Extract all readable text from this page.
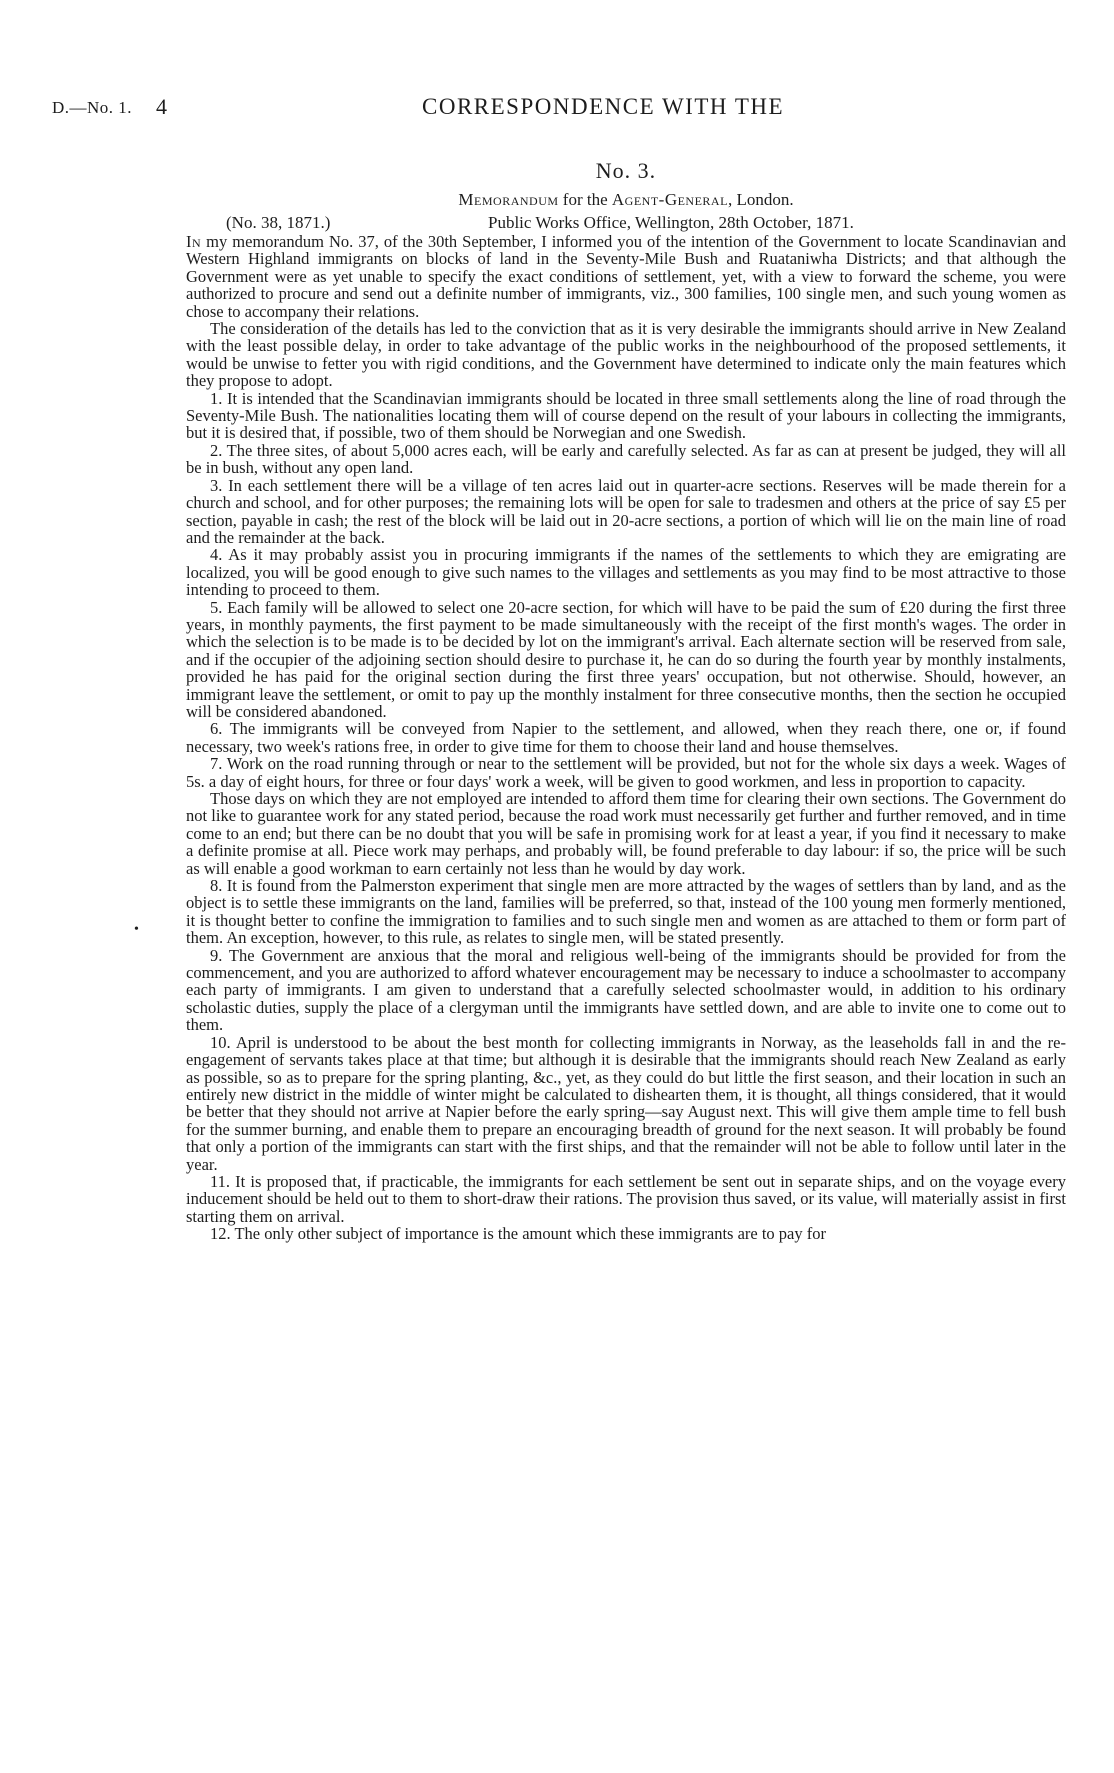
D.—No. 1. 4	CORRESPONDENCE WITH THE
•
No. 3.
Memorandum for the Agent-General, London.
(No. 38, 1871.)	Public Works Office, Wellington, 28th October, 1871.

In my memorandum No. 37, of the 30th September, I informed you of the intention of the Government to locate Scandinavian and Western Highland immigrants on blocks of land in the Seventy-Mile Bush and Ruataniwha Districts; and that although the Government were as yet unable to specify the exact conditions of settlement, yet, with a view to forward the scheme, you were authorized to procure and send out a definite number of immigrants, viz., 300 families, 100 single men, and such young women as chose to accompany their relations.

The consideration of the details has led to the conviction that as it is very desirable the immigrants should arrive in New Zealand with the least possible delay, in order to take advantage of the public works in the neighbourhood of the proposed settlements, it would be unwise to fetter you with rigid conditions, and the Government have determined to indicate only the main features which they propose to adopt.

1. It is intended that the Scandinavian immigrants should be located in three small settlements along the line of road through the Seventy-Mile Bush. The nationalities locating them will of course depend on the result of your labours in collecting the immigrants, but it is desired that, if possible, two of them should be Norwegian and one Swedish.

2. The three sites, of about 5,000 acres each, will be early and carefully selected. As far as can at present be judged, they will all be in bush, without any open land.

3. In each settlement there will be a village of ten acres laid out in quarter-acre sections. Reserves will be made therein for a church and school, and for other purposes; the remaining lots will be open for sale to tradesmen and others at the price of say £5 per section, payable in cash; the rest of the block will be laid out in 20-acre sections, a portion of which will lie on the main line of road and the remainder at the back.

4. As it may probably assist you in procuring immigrants if the names of the settlements to which they are emigrating are localized, you will be good enough to give such names to the villages and settlements as you may find to be most attractive to those intending to proceed to them.

5. Each family will be allowed to select one 20-acre section, for which will have to be paid the sum of £20 during the first three years, in monthly payments, the first payment to be made simultaneously with the receipt of the first month's wages. The order in which the selection is to be made is to be decided by lot on the immigrant's arrival. Each alternate section will be reserved from sale, and if the occupier of the adjoining section should desire to purchase it, he can do so during the fourth year by monthly instalments, provided he has paid for the original section during the first three years' occupation, but not otherwise. Should, however, an immigrant leave the settlement, or omit to pay up the monthly instalment for three consecutive months, then the section he occupied will be considered abandoned.

6. The immigrants will be conveyed from Napier to the settlement, and allowed, when they reach there, one or, if found necessary, two week's rations free, in order to give time for them to choose their land and house themselves.

7. Work on the road running through or near to the settlement will be provided, but not for the whole six days a week. Wages of 5s. a day of eight hours, for three or four days' work a week, will be given to good workmen, and less in proportion to capacity.

Those days on which they are not employed are intended to afford them time for clearing their own sections. The Government do not like to guarantee work for any stated period, because the road work must necessarily get further and further removed, and in time come to an end; but there can be no doubt that you will be safe in promising work for at least a year, if you find it necessary to make a definite promise at all. Piece work may perhaps, and probably will, be found preferable to day labour: if so, the price will be such as will enable a good workman to earn certainly not less than he would by day work.

8. It is found from the Palmerston experiment that single men are more attracted by the wages of settlers than by land, and as the object is to settle these immigrants on the land, families will be preferred, so that, instead of the 100 young men formerly mentioned, it is thought better to confine the immigration to families and to such single men and women as are attached to them or form part of them. An exception, however, to this rule, as relates to single men, will be stated presently.

9. The Government are anxious that the moral and religious well-being of the immigrants should be provided for from the commencement, and you are authorized to afford whatever encouragement may be necessary to induce a schoolmaster to accompany each party of immigrants. I am given to understand that a carefully selected schoolmaster would, in addition to his ordinary scholastic duties, supply the place of a clergyman until the immigrants have settled down, and are able to invite one to come out to them.

10. April is understood to be about the best month for collecting immigrants in Norway, as the leaseholds fall in and the re-engagement of servants takes place at that time; but although it is desirable that the immigrants should reach New Zealand as early as possible, so as to prepare for the spring planting, &c., yet, as they could do but little the first season, and their location in such an entirely new district in the middle of winter might be calculated to dishearten them, it is thought, all things considered, that it would be better that they should not arrive at Napier before the early spring—say August next. This will give them ample time to fell bush for the summer burning, and enable them to prepare an encouraging breadth of ground for the next season. It will probably be found that only a portion of the immigrants can start with the first ships, and that the remainder will not be able to follow until later in the year.

11. It is proposed that, if practicable, the immigrants for each settlement be sent out in separate ships, and on the voyage every inducement should be held out to them to short-draw their rations. The provision thus saved, or its value, will materially assist in first starting them on arrival.

12. The only other subject of importance is the amount which these immigrants are to pay for
